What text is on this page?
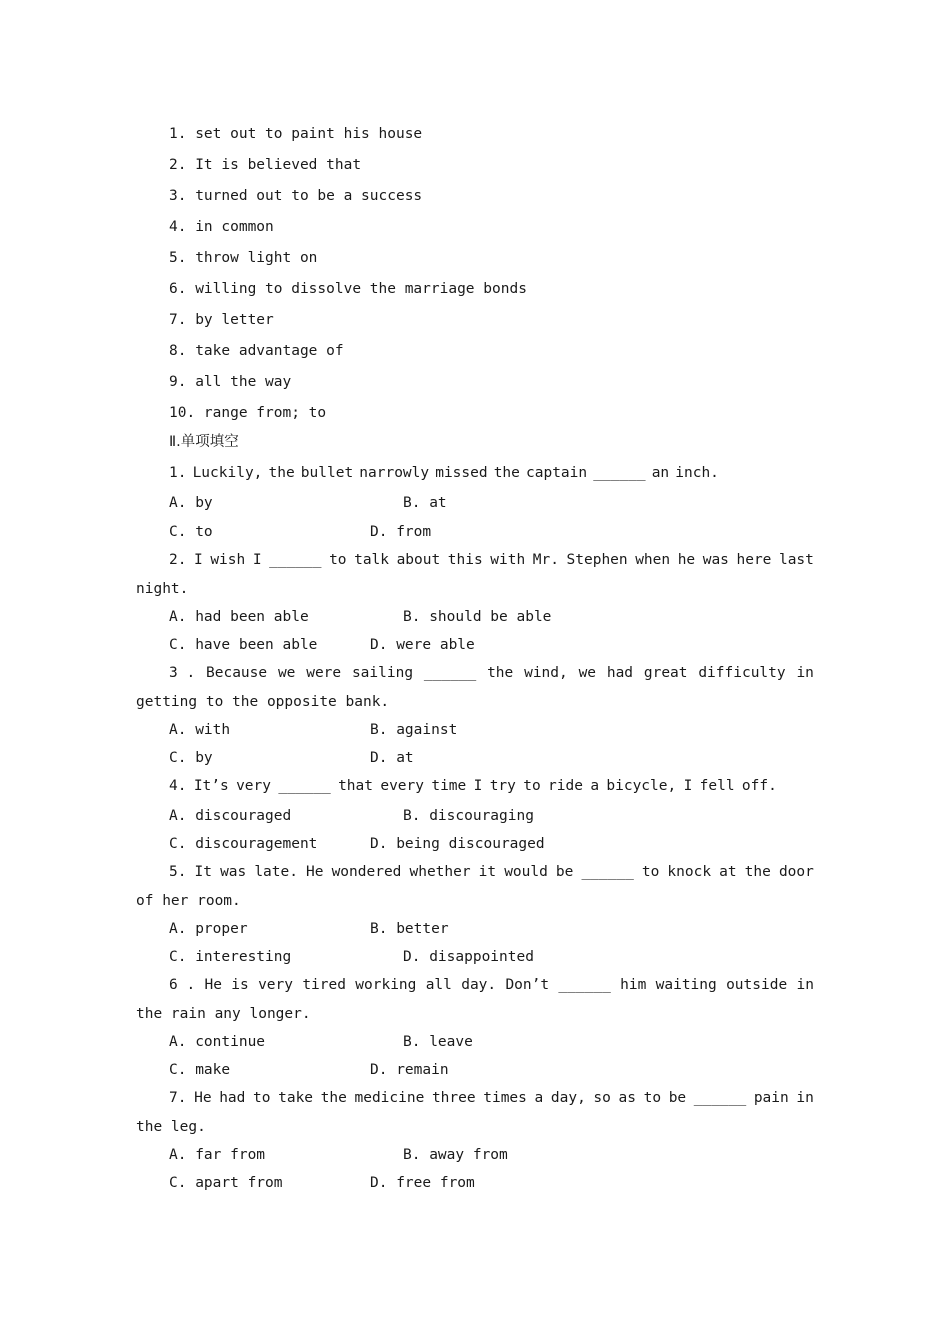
1. set out to paint his house
2. It is believed that
3. turned out to be a success
4. in common
5. throw light on
6. willing to dissolve the marriage bonds
7. by letter
8. take advantage of
9. all the way
10. range from; to
Ⅱ.单项填空
1. Luckily, the bullet narrowly missed the captain ______ an inch.
A. by	B. at
C. to	D. from
2. I wish I ______ to talk about this with Mr. Stephen when he was here last
night.
A. had been able	B. should be able
C. have been able	D. were able
3 . Because we were sailing ______ the wind, we had great difficulty in
getting to the opposite bank.
A. with	B. against
C. by	D. at
4. It’s very ______ that every time I try to ride a bicycle, I fell off.
A. discouraged	B. discouraging
C. discouragement	D. being discouraged
5. It was late. He wondered whether it would be ______ to knock at the door
of her room.
A. proper	B. better
C. interesting	D. disappointed
6 . He is very tired working all day. Don’t ______ him waiting outside in
the rain any longer.
A. continue	B. leave
C. make	D. remain
7. He had to take the medicine three times a day, so as to be ______ pain in
the leg.
A. far from	B. away from
C. apart from	D. free from
